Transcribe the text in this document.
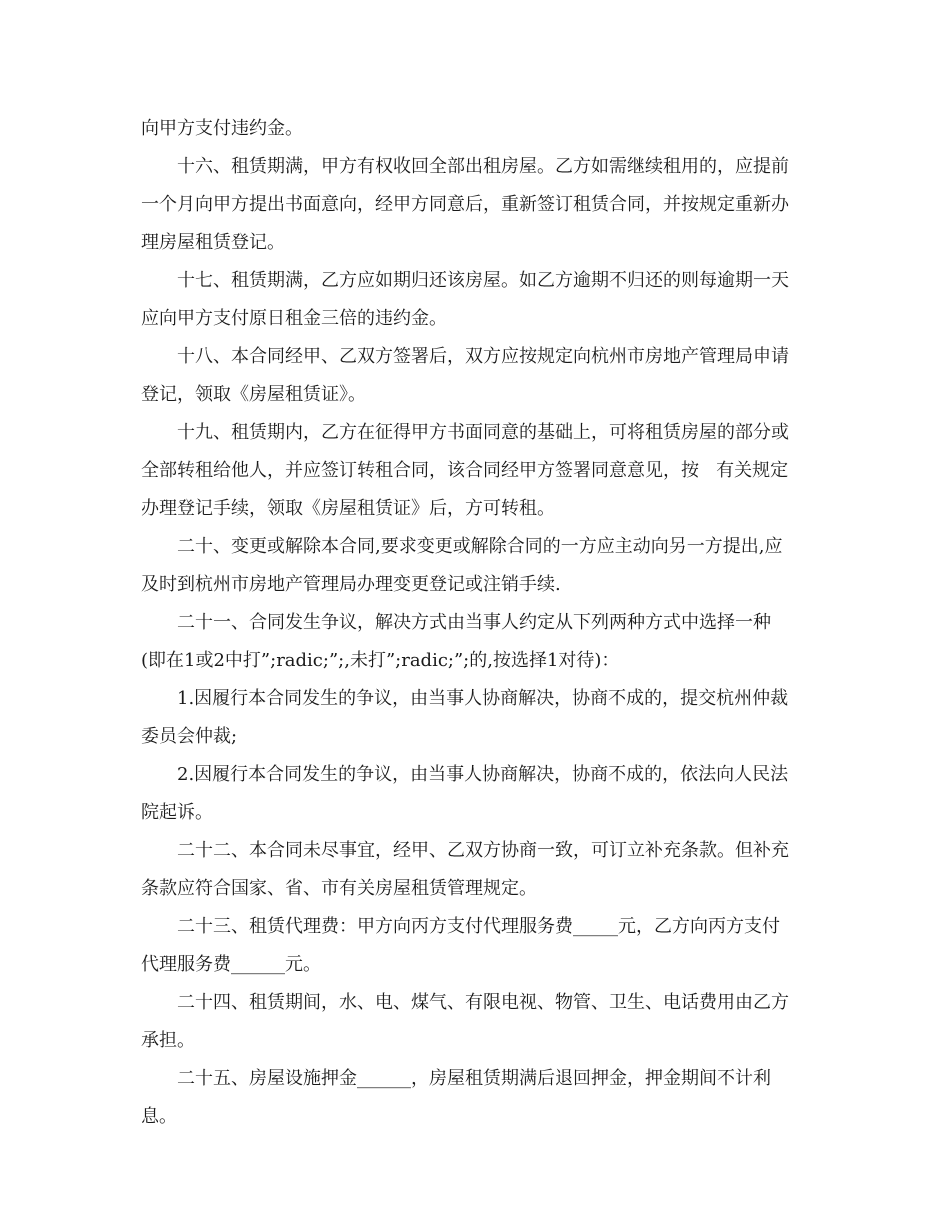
向甲方支付违约金。
十六、租赁期满，甲方有权收回全部出租房屋。乙方如需继续租用的，应提前
一个月向甲方提出书面意向，经甲方同意后，重新签订租赁合同，并按规定重新办
理房屋租赁登记。
十七、租赁期满，乙方应如期归还该房屋。如乙方逾期不归还的则每逾期一天
应向甲方支付原日租金三倍的违约金。
十八、本合同经甲、乙双方签署后，双方应按规定向杭州市房地产管理局申请
登记，领取《房屋租赁证》。
十九、租赁期内，乙方在征得甲方书面同意的基础上，可将租赁房屋的部分或
全部转租给他人，并应签订转租合同，该合同经甲方签署同意意见，按   有关规定
办理登记手续，领取《房屋租赁证》后，方可转租。
二十、变更或解除本合同,要求变更或解除合同的一方应主动向另一方提出,应
及时到杭州市房地产管理局办理变更登记或注销手续.
二十一、合同发生争议，解决方式由当事人约定从下列两种方式中选择一种
(即在1或2中打”;radic;”;,未打”;radic;”;的,按选择1对待)：
1.因履行本合同发生的争议，由当事人协商解决，协商不成的，提交杭州仲裁
委员会仲裁;
2.因履行本合同发生的争议，由当事人协商解决，协商不成的，依法向人民法
院起诉。
二十二、本合同未尽事宜，经甲、乙双方协商一致，可订立补充条款。但补充
条款应符合国家、省、市有关房屋租赁管理规定。
二十三、租赁代理费：甲方向丙方支付代理服务费_____元，乙方向丙方支付
代理服务费______元。
二十四、租赁期间，水、电、煤气、有限电视、物管、卫生、电话费用由乙方
承担。
二十五、房屋设施押金______，房屋租赁期满后退回押金，押金期间不计利
息。
